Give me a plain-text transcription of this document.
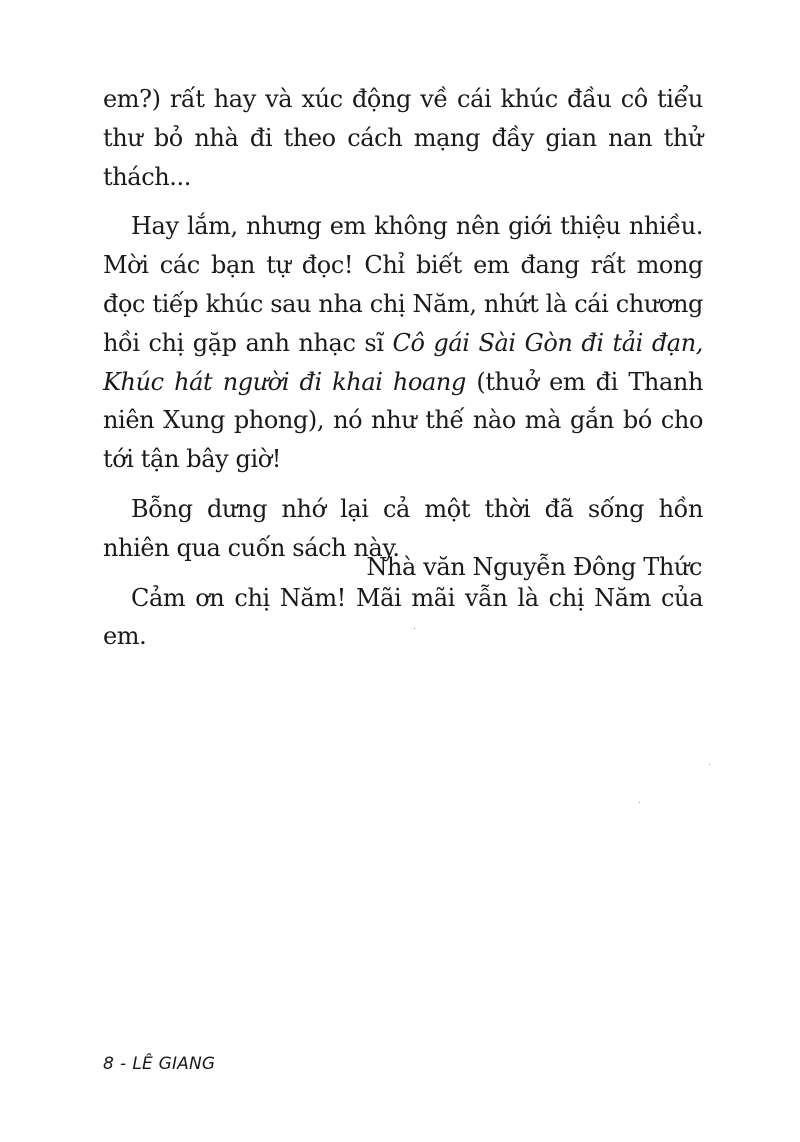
em?) rất hay và xúc động về cái khúc đầu cô tiểu thư bỏ nhà đi theo cách mạng đầy gian nan thử thách...

Hay lắm, nhưng em không nên giới thiệu nhiều. Mời các bạn tự đọc! Chỉ biết em đang rất mong đọc tiếp khúc sau nha chị Năm, nhứt là cái chương hồi chị gặp anh nhạc sĩ Cô gái Sài Gòn đi tải đạn, Khúc hát người đi khai hoang (thuở em đi Thanh niên Xung phong), nó như thế nào mà gắn bó cho tới tận bây giờ!

Bỗng dưng nhớ lại cả một thời đã sống hồn nhiên qua cuốn sách này.

Cảm ơn chị Năm! Mãi mãi vẫn là chị Năm của em.

Nhà văn Nguyễn Đông Thức
8 - LÊ GIANG
